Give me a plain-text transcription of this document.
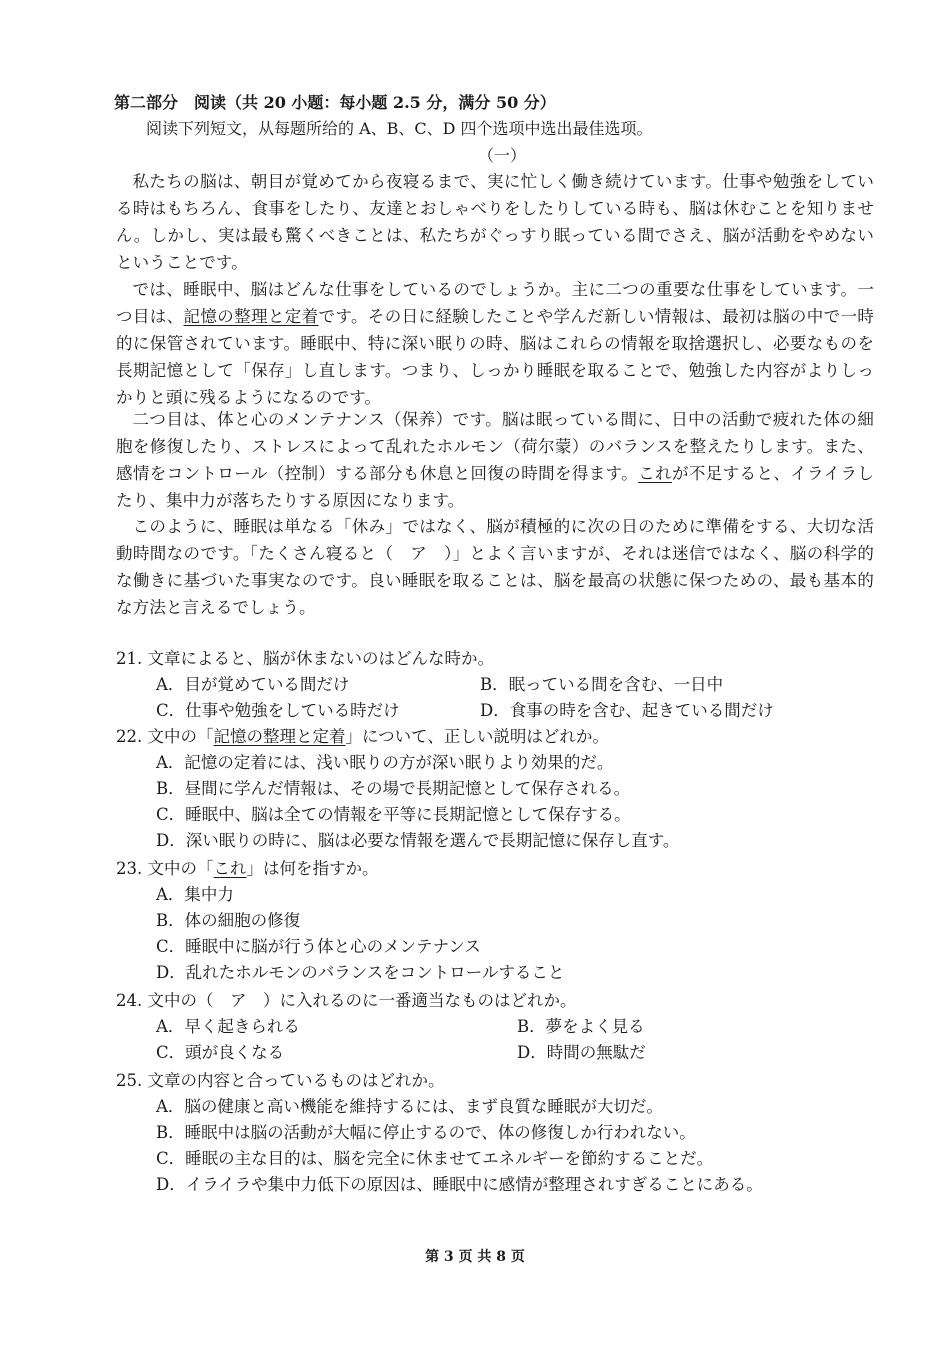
第二部分　阅读（共 20 小题：每小题 2.5 分，满分 50 分）
阅读下列短文，从每题所给的 A、B、C、D 四个选项中选出最佳选项。
（一）
私たちの脳は、朝目が覚めてから夜寝るまで、実に忙しく働き続けています。仕事や勉強をしている時はもちろん、食事をしたり、友達とおしゃべりをしたりしている時も、脳は休むことを知りません。しかし、実は最も驚くべきことは、私たちがぐっすり眠っている間でさえ、脳が活動をやめないということです。
では、睡眠中、脳はどんな仕事をしているのでしょうか。主に二つの重要な仕事をしています。一つ目は、記憶の整理と定着です。その日に経験したことや学んだ新しい情報は、最初は脳の中で一時的に保管されています。睡眠中、特に深い眠りの時、脳はこれらの情報を取捨選択し、必要なものを長期記憶として「保存」し直します。つまり、しっかり睡眠を取ることで、勉強した内容がよりしっかりと頭に残るようになるのです。
二つ目は、体と心のメンテナンス（保养）です。脳は眠っている間に、日中の活動で疲れた体の細胞を修復したり、ストレスによって乱れたホルモン（荷尔蒙）のバランスを整えたりします。また、感情をコントロール（控制）する部分も休息と回復の時間を得ます。これが不足すると、イライラしたり、集中力が落ちたりする原因になります。
このように、睡眠は単なる「休み」ではなく、脳が積極的に次の日のために準備をする、大切な活動時間なのです。「たくさん寝ると（　ア　）」とよく言いますが、それは迷信ではなく、脳の科学的な働きに基づいた事実なのです。良い睡眠を取ることは、脳を最高の状態に保つための、最も基本的な方法と言えるでしょう。
21. 文章によると、脳が休まないのはどんな時か。
A．目が覚めている間だけ	B．眠っている間を含む、一日中
C．仕事や勉強をしている時だけ	D．食事の時を含む、起きている間だけ
22. 文中の「記憶の整理と定着」について、正しい説明はどれか。
A．記憶の定着には、浅い眠りの方が深い眠りより効果的だ。
B．昼間に学んだ情報は、その場で長期記憶として保存される。
C．睡眠中、脳は全ての情報を平等に長期記憶として保存する。
D．深い眠りの時に、脳は必要な情報を選んで長期記憶に保存し直す。
23. 文中の「これ」は何を指すか。
A．集中力
B．体の細胞の修復
C．睡眠中に脳が行う体と心のメンテナンス
D．乱れたホルモンのバランスをコントロールすること
24. 文中の（　ア　）に入れるのに一番適当なものはどれか。
A．早く起きられる	B．夢をよく見る
C．頭が良くなる	D．時間の無駄だ
25. 文章の内容と合っているものはどれか。
A．脳の健康と高い機能を維持するには、まず良質な睡眠が大切だ。
B．睡眠中は脳の活動が大幅に停止するので、体の修復しか行われない。
C．睡眠の主な目的は、脳を完全に休ませてエネルギーを節約することだ。
D．イライラや集中力低下の原因は、睡眠中に感情が整理されすぎることにある。
第 3 页 共 8 页
